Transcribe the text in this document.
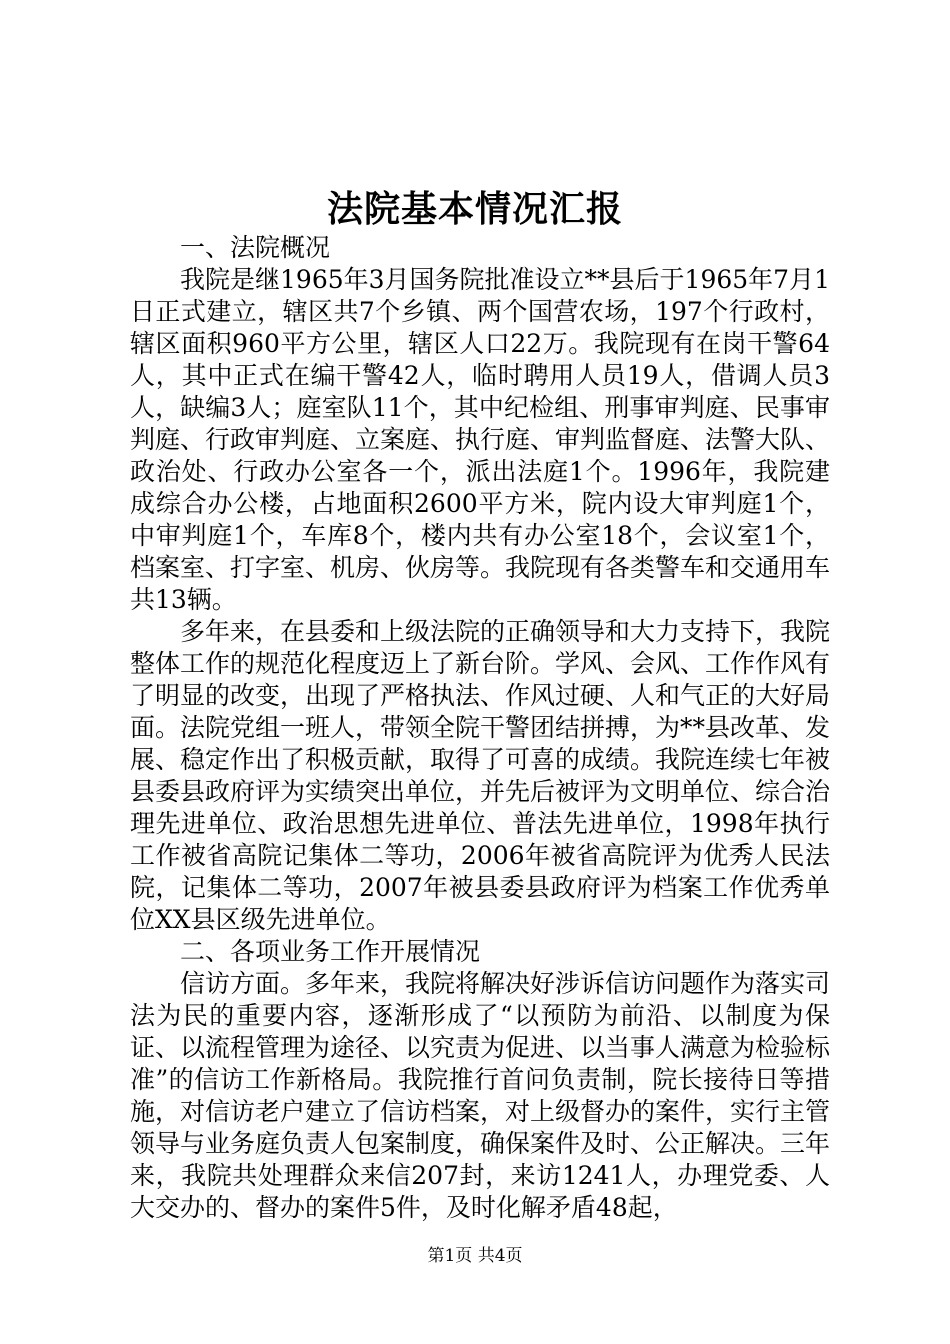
法院基本情况汇报

一、法院概况

我院是继1965年3月国务院批准设立**县后于1965年7月1日正式建立，辖区共7个乡镇、两个国营农场，197个行政村，辖区面积960平方公里，辖区人口22万。我院现有在岗干警64人，其中正式在编干警42人，临时聘用人员19人，借调人员3人，缺编3人；庭室队11个，其中纪检组、刑事审判庭、民事审判庭、行政审判庭、立案庭、执行庭、审判监督庭、法警大队、政治处、行政办公室各一个，派出法庭1个。1996年，我院建成综合办公楼，占地面积2600平方米，院内设大审判庭1个，中审判庭1个，车库8个，楼内共有办公室18个，会议室1个，档案室、打字室、机房、伙房等。我院现有各类警车和交通用车共13辆。

多年来，在县委和上级法院的正确领导和大力支持下，我院整体工作的规范化程度迈上了新台阶。学风、会风、工作作风有了明显的改变，出现了严格执法、作风过硬、人和气正的大好局面。法院党组一班人，带领全院干警团结拼搏，为**县改革、发展、稳定作出了积极贡献，取得了可喜的成绩。我院连续七年被县委县政府评为实绩突出单位，并先后被评为文明单位、综合治理先进单位、政治思想先进单位、普法先进单位，1998年执行工作被省高院记集体二等功，2006年被省高院评为优秀人民法院，记集体二等功，2007年被县委县政府评为档案工作优秀单位XX县区级先进单位。

二、各项业务工作开展情况

信访方面。多年来，我院将解决好涉诉信访问题作为落实司法为民的重要内容，逐渐形成了“以预防为前沿、以制度为保证、以流程管理为途径、以究责为促进、以当事人满意为检验标准”的信访工作新格局。我院推行首问负责制，院长接待日等措施，对信访老户建立了信访档案，对上级督办的案件，实行主管领导与业务庭负责人包案制度，确保案件及时、公正解决。三年来，我院共处理群众来信207封，来访1241人，办理党委、人大交办的、督办的案件5件，及时化解矛盾48起，

第1页 共4页
